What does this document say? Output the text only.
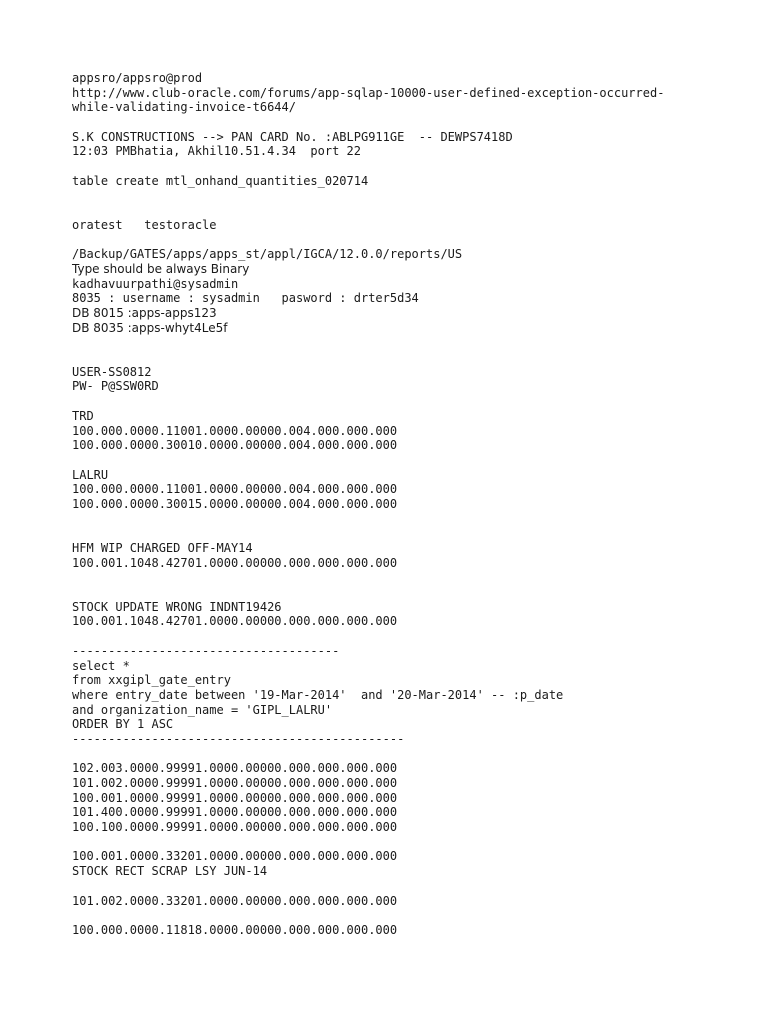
appsro/appsro@prod
http://www.club-oracle.com/forums/app-sqlap-10000-user-defined-exception-occurred-
while-validating-invoice-t6644/
S.K CONSTRUCTIONS --> PAN CARD No. :ABLPG911GE  -- DEWPS7418D
12:03 PMBhatia, Akhil10.51.4.34  port 22
table create mtl_onhand_quantities_020714
oratest   testoracle
/Backup/GATES/apps/apps_st/appl/IGCA/12.0.0/reports/US
Type should be always Binary
kadhavuurpathi@sysadmin
8035 : username : sysadmin   pasword : drter5d34
DB 8015 :apps-apps123
DB 8035 :apps-whyt4Le5f
USER-SS0812
PW- P@SSW0RD
TRD
100.000.0000.11001.0000.00000.004.000.000.000
100.000.0000.30010.0000.00000.004.000.000.000
LALRU
100.000.0000.11001.0000.00000.004.000.000.000
100.000.0000.30015.0000.00000.004.000.000.000
HFM WIP CHARGED OFF-MAY14
100.001.1048.42701.0000.00000.000.000.000.000
STOCK UPDATE WRONG INDNT19426
100.001.1048.42701.0000.00000.000.000.000.000
-------------------------------------
select *
from xxgipl_gate_entry
where entry_date between '19-Mar-2014'  and '20-Mar-2014' -- :p_date
and organization_name = 'GIPL_LALRU'
ORDER BY 1 ASC
----------------------------------------------
102.003.0000.99991.0000.00000.000.000.000.000
101.002.0000.99991.0000.00000.000.000.000.000
100.001.0000.99991.0000.00000.000.000.000.000
101.400.0000.99991.0000.00000.000.000.000.000
100.100.0000.99991.0000.00000.000.000.000.000
100.001.0000.33201.0000.00000.000.000.000.000
STOCK RECT SCRAP LSY JUN-14
101.002.0000.33201.0000.00000.000.000.000.000
100.000.0000.11818.0000.00000.000.000.000.000
